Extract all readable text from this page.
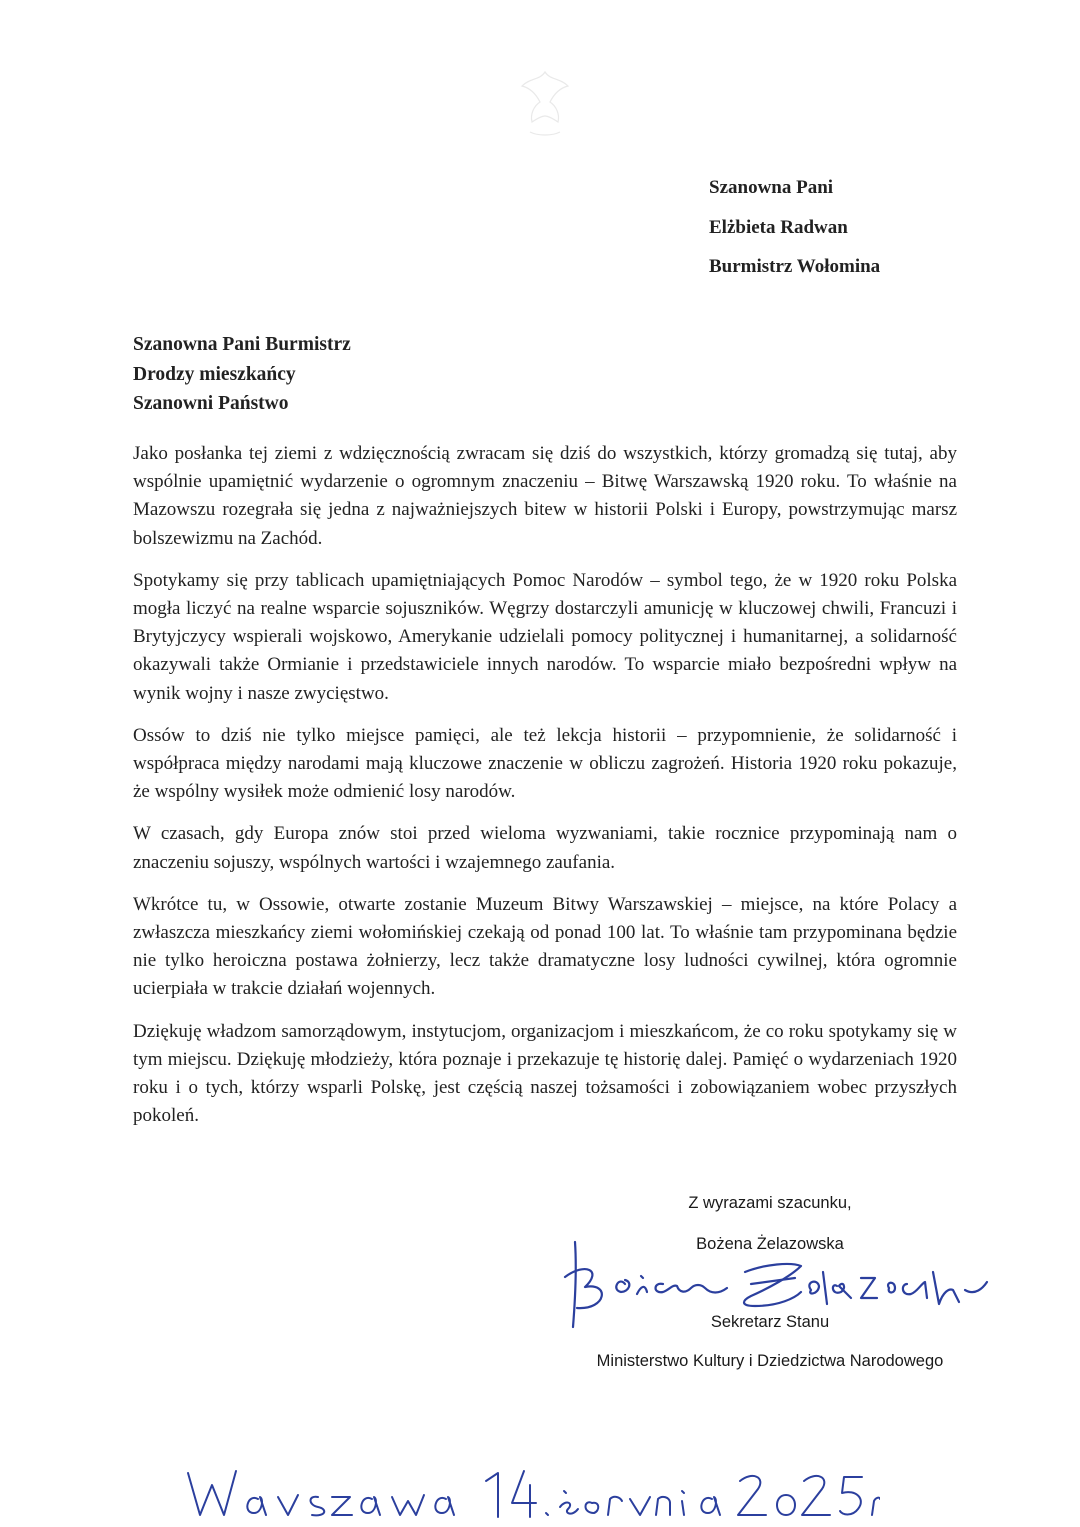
Szanowna Pani
Elżbieta Radwan
Burmistrz Wołomina
Szanowna Pani Burmistrz
Drodzy mieszkańcy
Szanowni Państwo

Jako posłanka tej ziemi z wdzięcznością zwracam się dziś do wszystkich, którzy gromadzą się tutaj, aby wspólnie upamiętnić wydarzenie o ogromnym znaczeniu – Bitwę Warszawską 1920 roku. To właśnie na Mazowszu rozegrała się jedna z najważniejszych bitew w historii Polski i Europy, powstrzymując marsz bolszewizmu na Zachód.

Spotykamy się przy tablicach upamiętniających Pomoc Narodów – symbol tego, że w 1920 roku Polska mogła liczyć na realne wsparcie sojuszników. Węgrzy dostarczyli amunicję w kluczowej chwili, Francuzi i Brytyjczycy wspierali wojskowo, Amerykanie udzielali pomocy politycznej i humanitarnej, a solidarność okazywali także Ormianie i przedstawiciele innych narodów. To wsparcie miało bezpośredni wpływ na wynik wojny i nasze zwycięstwo.

Ossów to dziś nie tylko miejsce pamięci, ale też lekcja historii – przypomnienie, że solidarność i współpraca między narodami mają kluczowe znaczenie w obliczu zagrożeń. Historia 1920 roku pokazuje, że wspólny wysiłek może odmienić losy narodów.

W czasach, gdy Europa znów stoi przed wieloma wyzwaniami, takie rocznice przypominają nam o znaczeniu sojuszy, wspólnych wartości i wzajemnego zaufania.

Wkrótce tu, w Ossowie, otwarte zostanie Muzeum Bitwy Warszawskiej – miejsce, na które Polacy a zwłaszcza mieszkańcy ziemi wołomińskiej czekają od ponad 100 lat. To właśnie tam przypominana będzie nie tylko heroiczna postawa żołnierzy, lecz także dramatyczne losy ludności cywilnej, która ogromnie ucierpiała w trakcie działań wojennych.

Dziękuję władzom samorządowym, instytucjom, organizacjom i mieszkańcom, że co roku spotykamy się w tym miejscu. Dziękuję młodzieży, która poznaje i przekazuje tę historię dalej. Pamięć o wydarzeniach 1920 roku i o tych, którzy wsparli Polskę, jest częścią naszej tożsamości i zobowiązaniem wobec przyszłych pokoleń.

Z wyrazami szacunku,
Bożena Żelazowska
Sekretarz Stanu
Ministerstwo Kultury i Dziedzictwa Narodowego
